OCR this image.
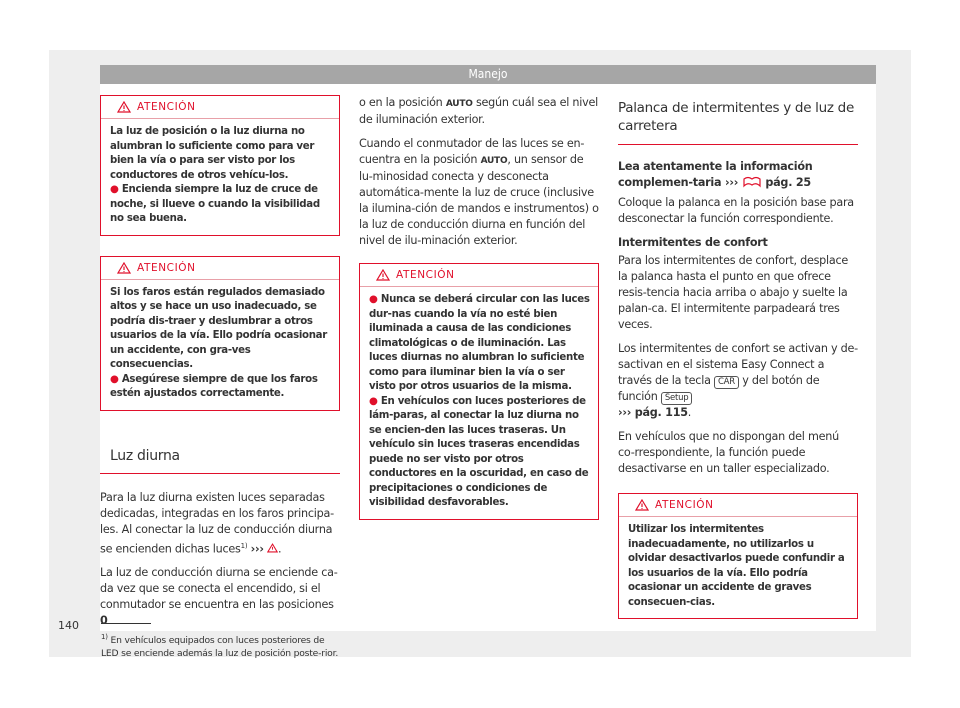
Manejo
ATENCIÓN
La luz de posición o la luz diurna no alumbran lo suficiente como para ver bien la vía o para ser visto por los conductores de otros vehícu-los.
● Encienda siempre la luz de cruce de noche, si llueve o cuando la visibilidad no sea buena.
ATENCIÓN
Si los faros están regulados demasiado altos y se hace un uso inadecuado, se podría dis-traer y deslumbrar a otros usuarios de la vía. Ello podría ocasionar un accidente, con gra-ves consecuencias.
● Asegúrese siempre de que los faros estén ajustados correctamente.
Luz diurna

Para la luz diurna existen luces separadas dedicadas, integradas en los faros principa-les. Al conectar la luz de conducción diurna se encienden dichas luces$^{1)}$ ››› .

La luz de conducción diurna se enciende ca-da vez que se conecta el encendido, si el conmutador se encuentra en las posiciones 0

o en la posición AUTO según cuál sea el nivel de iluminación exterior.

Cuando el conmutador de las luces se en-cuentra en la posición AUTO, un sensor de lu-minosidad conecta y desconecta automática-mente la luz de cruce (inclusive la ilumina-ción de mandos e instrumentos) o la luz de conducción diurna en función del nivel de ilu-minación exterior.

ATENCIÓN
● Nunca se deberá circular con las luces dur-nas cuando la vía no esté bien iluminada a causa de las condiciones climatológicas o de iluminación. Las luces diurnas no alumbran lo suficiente como para iluminar bien la vía o ser visto por otros usuarios de la misma.
● En vehículos con luces posteriores de lám-paras, al conectar la luz diurna no se encien-den las luces traseras. Un vehículo sin luces traseras encendidas puede no ser visto por otros conductores en la oscuridad, en caso de precipitaciones o condiciones de visibilidad desfavorables.
Palanca de intermitentes y de luz de carretera

Lea atentamente la información complemen-taria ››› pág. 25

Coloque la palanca en la posición base para desconectar la función correspondiente.

Intermitentes de confort

Para los intermitentes de confort, desplace la palanca hasta el punto en que ofrece resis-tencia hacia arriba o abajo y suelte la palan-ca. El intermitente parpadeará tres veces.

Los intermitentes de confort se activan y de-sactivan en el sistema Easy Connect a través de la tecla CAR y del botón de función Setup
››› pág. 115.

En vehículos que no dispongan del menú co-rrespondiente, la función puede desactivarse en un taller especializado.

ATENCIÓN
Utilizar los intermitentes inadecuadamente, no utilizarlos u olvidar desactivarlos puede confundir a los usuarios de la vía. Ello podría ocasionar un accidente de graves consecuen-cias.
$^{1)}$ En vehículos equipados con luces posteriores de LED se enciende además la luz de posición poste-rior.
140
